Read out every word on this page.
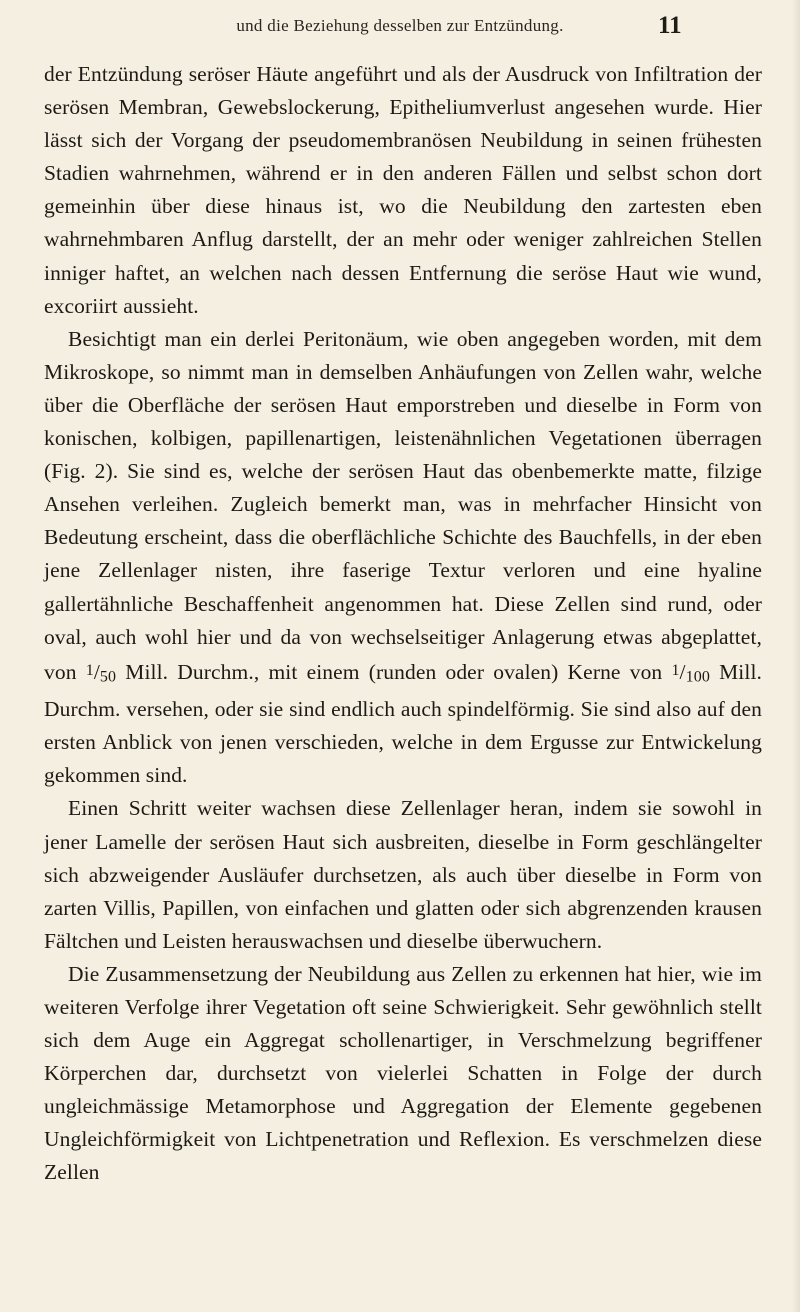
und die Beziehung desselben zur Entzündung.	11

der Entzündung seröser Häute angeführt und als der Ausdruck von Infiltration der serösen Membran, Gewebslockerung, Epitheliumverlust angesehen wurde. Hier lässt sich der Vorgang der pseudomembranösen Neubildung in seinen frühesten Stadien wahrnehmen, während er in den anderen Fällen und selbst schon dort gemeinhin über diese hinaus ist, wo die Neubildung den zartesten eben wahrnehmbaren Anflug darstellt, der an mehr oder weniger zahlreichen Stellen inniger haftet, an welchen nach dessen Entfernung die seröse Haut wie wund, excoriirt aussieht.

Besichtigt man ein derlei Peritonäum, wie oben angegeben worden, mit dem Mikroskope, so nimmt man in demselben Anhäufungen von Zellen wahr, welche über die Oberfläche der serösen Haut emporstreben und dieselbe in Form von konischen, kolbigen, papillenartigen, leistenähnlichen Vegetationen überragen (Fig. 2). Sie sind es, welche der serösen Haut das obenbemerkte matte, filzige Ansehen verleihen. Zugleich bemerkt man, was in mehrfacher Hinsicht von Bedeutung erscheint, dass die oberflächliche Schichte des Bauchfells, in der eben jene Zellenlager nisten, ihre faserige Textur verloren und eine hyaline gallertähnliche Beschaffenheit angenommen hat. Diese Zellen sind rund, oder oval, auch wohl hier und da von wechselseitiger Anlagerung etwas abgeplattet, von 1/50 Mill. Durchm., mit einem (runden oder ovalen) Kerne von 1/100 Mill. Durchm. versehen, oder sie sind endlich auch spindelförmig. Sie sind also auf den ersten Anblick von jenen verschieden, welche in dem Ergusse zur Entwickelung gekommen sind.

Einen Schritt weiter wachsen diese Zellenlager heran, indem sie sowohl in jener Lamelle der serösen Haut sich ausbreiten, dieselbe in Form geschlängelter sich abzweigender Ausläufer durchsetzen, als auch über dieselbe in Form von zarten Villis, Papillen, von einfachen und glatten oder sich abgrenzenden krausen Fältchen und Leisten herauswachsen und dieselbe überwuchern.

Die Zusammensetzung der Neubildung aus Zellen zu erkennen hat hier, wie im weiteren Verfolge ihrer Vegetation oft seine Schwierigkeit. Sehr gewöhnlich stellt sich dem Auge ein Aggregat schollenartiger, in Verschmelzung begriffener Körperchen dar, durchsetzt von vielerlei Schatten in Folge der durch ungleichmässige Metamorphose und Aggregation der Elemente gegebenen Ungleichförmigkeit von Lichtpenetration und Reflexion. Es verschmelzen diese Zellen
